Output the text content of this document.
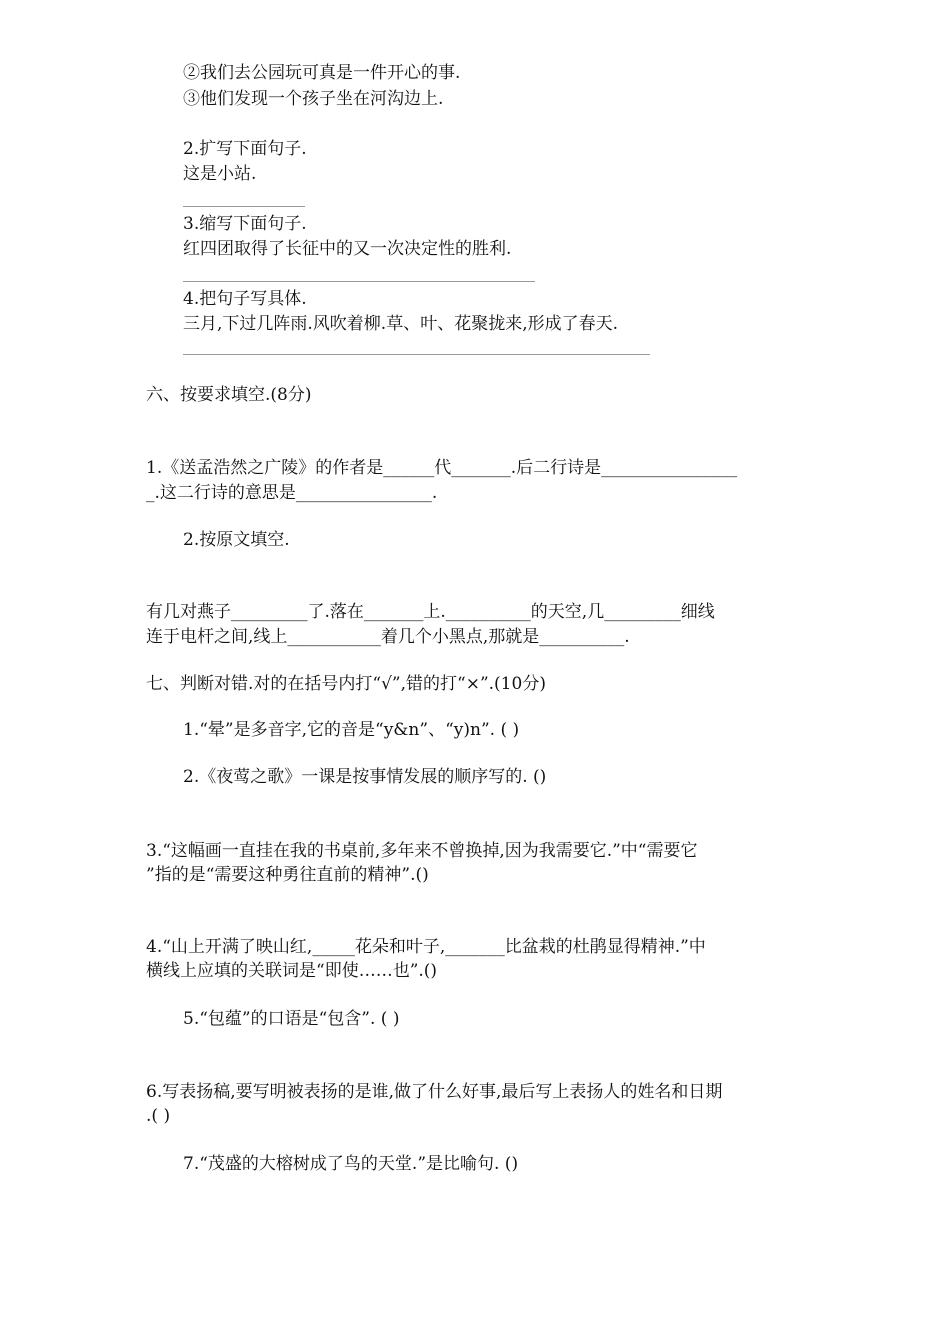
②我们去公园玩可真是一件开心的事.
③他们发现一个孩子坐在河沟边上.
2.扩写下面句子.
这是小站.
3.缩写下面句子.
红四团取得了长征中的又一次决定性的胜利.
4.把句子写具体.
三月,下过几阵雨.风吹着柳.草、叶、花聚拢来,形成了春天.
六、按要求填空.(8分)
1.《送孟浩然之广陵》的作者是______代_______.后二行诗是________________
_.这二行诗的意思是________________.
2.按原文填空.
有几对燕子_________了.落在_______上.__________的天空,几_________细线
连于电杆之间,线上___________着几个小黑点,那就是__________.
七、判断对错.对的在括号内打“√”,错的打“×”.(10分)
1.“晕”是多音字,它的音是“y&n”、“y)n”. ( )
2.《夜莺之歌》一课是按事情发展的顺序写的. ()
3.“这幅画一直挂在我的书桌前,多年来不曾换掉,因为我需要它.”中“需要它
”指的是“需要这种勇往直前的精神”.()
4.“山上开满了映山红,_____花朵和叶子,_______比盆栽的杜鹃显得精神.”中
横线上应填的关联词是“即使……也”.()
5.“包蕴”的口语是“包含”. ( )
6.写表扬稿,要写明被表扬的是谁,做了什么好事,最后写上表扬人的姓名和日期
.( )
7.“茂盛的大榕树成了鸟的天堂.”是比喻句. ()
